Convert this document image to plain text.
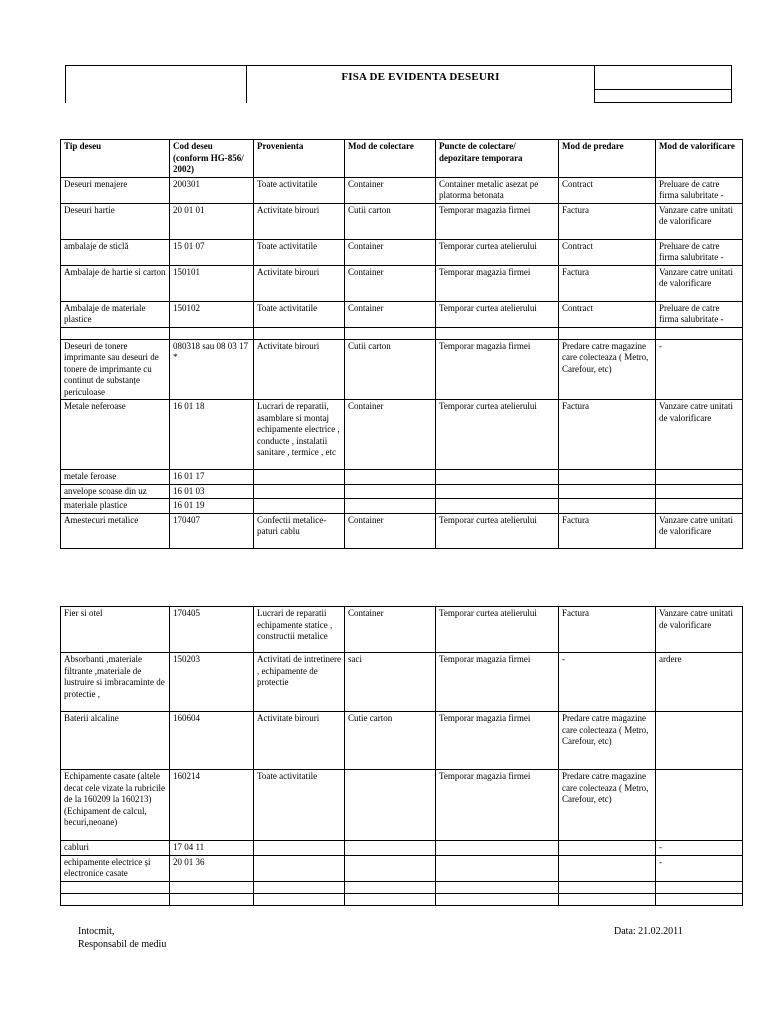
FISA DE EVIDENTA DESEURI
Tip deseu	Cod deseu (conform HG-856/ 2002)	Provenienta	Mod de colectare	Puncte de colectare/ depozitare temporara	Mod de predare	Mod de valorificare
Deseuri menajere	200301	Toate activitatile	Container	Container metalic asezat pe platorma betonata	Contract	Preluare de catre firma salubritate -
Deseuri hartie	20 01 01	Activitate birouri	Cutii carton	Temporar magazia firmei	Factura	Vanzare catre unitati de valorificare
ambalaje de sticlă	15 01 07	Toate activitatile	Container	Temporar curtea atelierului	Contract	Preluare de catre firma salubritate -
Ambalaje de hartie si carton	150101	Activitate birouri	Container	Temporar magazia firmei	Factura	Vanzare catre unitati de valorificare
Ambalaje de materiale plastice	150102	Toate activitatile	Container	Temporar curtea atelierului	Contract	Preluare de catre firma salubritate -

Deseuri de tonere imprimante sau deseuri de tonere de imprimante cu continut de substanțe periculoase	080318 sau 08 03 17 *	Activitate birouri	Cutii carton	Temporar magazia firmei	Predare catre magazine care colecteaza ( Metro, Carefour, etc)	-
Metale neferoase	16 01 18	Lucrari de reparatii, asamblare si montaj echipamente electrice , conducte , instalatii sanitare , termice , etc	Container	Temporar curtea atelierului	Factura	Vanzare catre unitati de valorificare
metale feroase	16 01 17					
anvelope scoase din uz	16 01 03					
materiale plastice	16 01 19					
Amestecuri metalice	170407	Confectii metalice-paturi cablu	Container	Temporar curtea atelierului	Factura	Vanzare catre unitati de valorificare
Fier si otel	170405	Lucrari de reparatii echipamente statice , constructii metalice	Container	Temporar curtea atelierului	Factura	Vanzare catre unitati de valorificare
Absorbanti ,materiale filtrante ,materiale de lustruire si imbracaminte de protectie ,	150203	Activitati de intretinere , echipamente de protectie	saci	Temporar magazia firmei	-	ardere
Baterii alcaline	160604	Activitate birouri	Cutie carton	Temporar magazia firmei	Predare catre magazine care colecteaza ( Metro, Carefour, etc)	
Echipamente casate (altele decat cele vizate la rubricile de la 160209 la 160213) (Echipament de calcul, becuri,neoane)	160214	Toate activitatile		Temporar magazia firmei	Predare catre magazine care colecteaza ( Metro, Carefour, etc)	
cabluri	17 04 11					-
echipamente electrice și electronice casate	20 01 36					-

Intocmit,
Responsabil de mediu
Data: 21.02.2011
